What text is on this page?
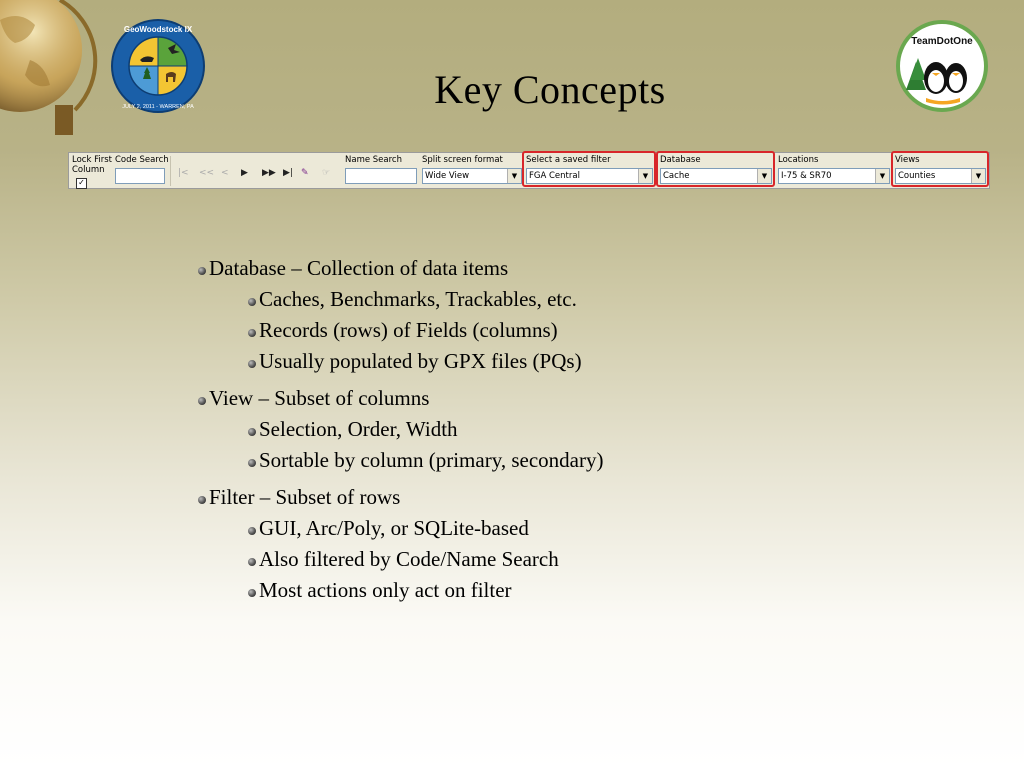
GeoWoodstock IX
JULY 2, 2011 - WARREN, PA
TeamDotOne
Key Concepts
Lock First Column
✓
Code Search
|< << < ▶ ▶▶ ▶| ✎ ☞
Name Search Split screen format
Wide View	▼
Select a saved filter
FGA Central	▼
Database
Cache	▼
Locations
I-75 & SR70	▼
Views
Counties	▼
Database – Collection of data items
Caches, Benchmarks, Trackables, etc.
Records (rows) of Fields (columns)
Usually populated by GPX files (PQs)
View – Subset of columns
Selection, Order, Width
Sortable by column (primary, secondary)
Filter – Subset of rows
GUI, Arc/Poly, or SQLite-based
Also filtered by Code/Name Search
Most actions only act on filter
